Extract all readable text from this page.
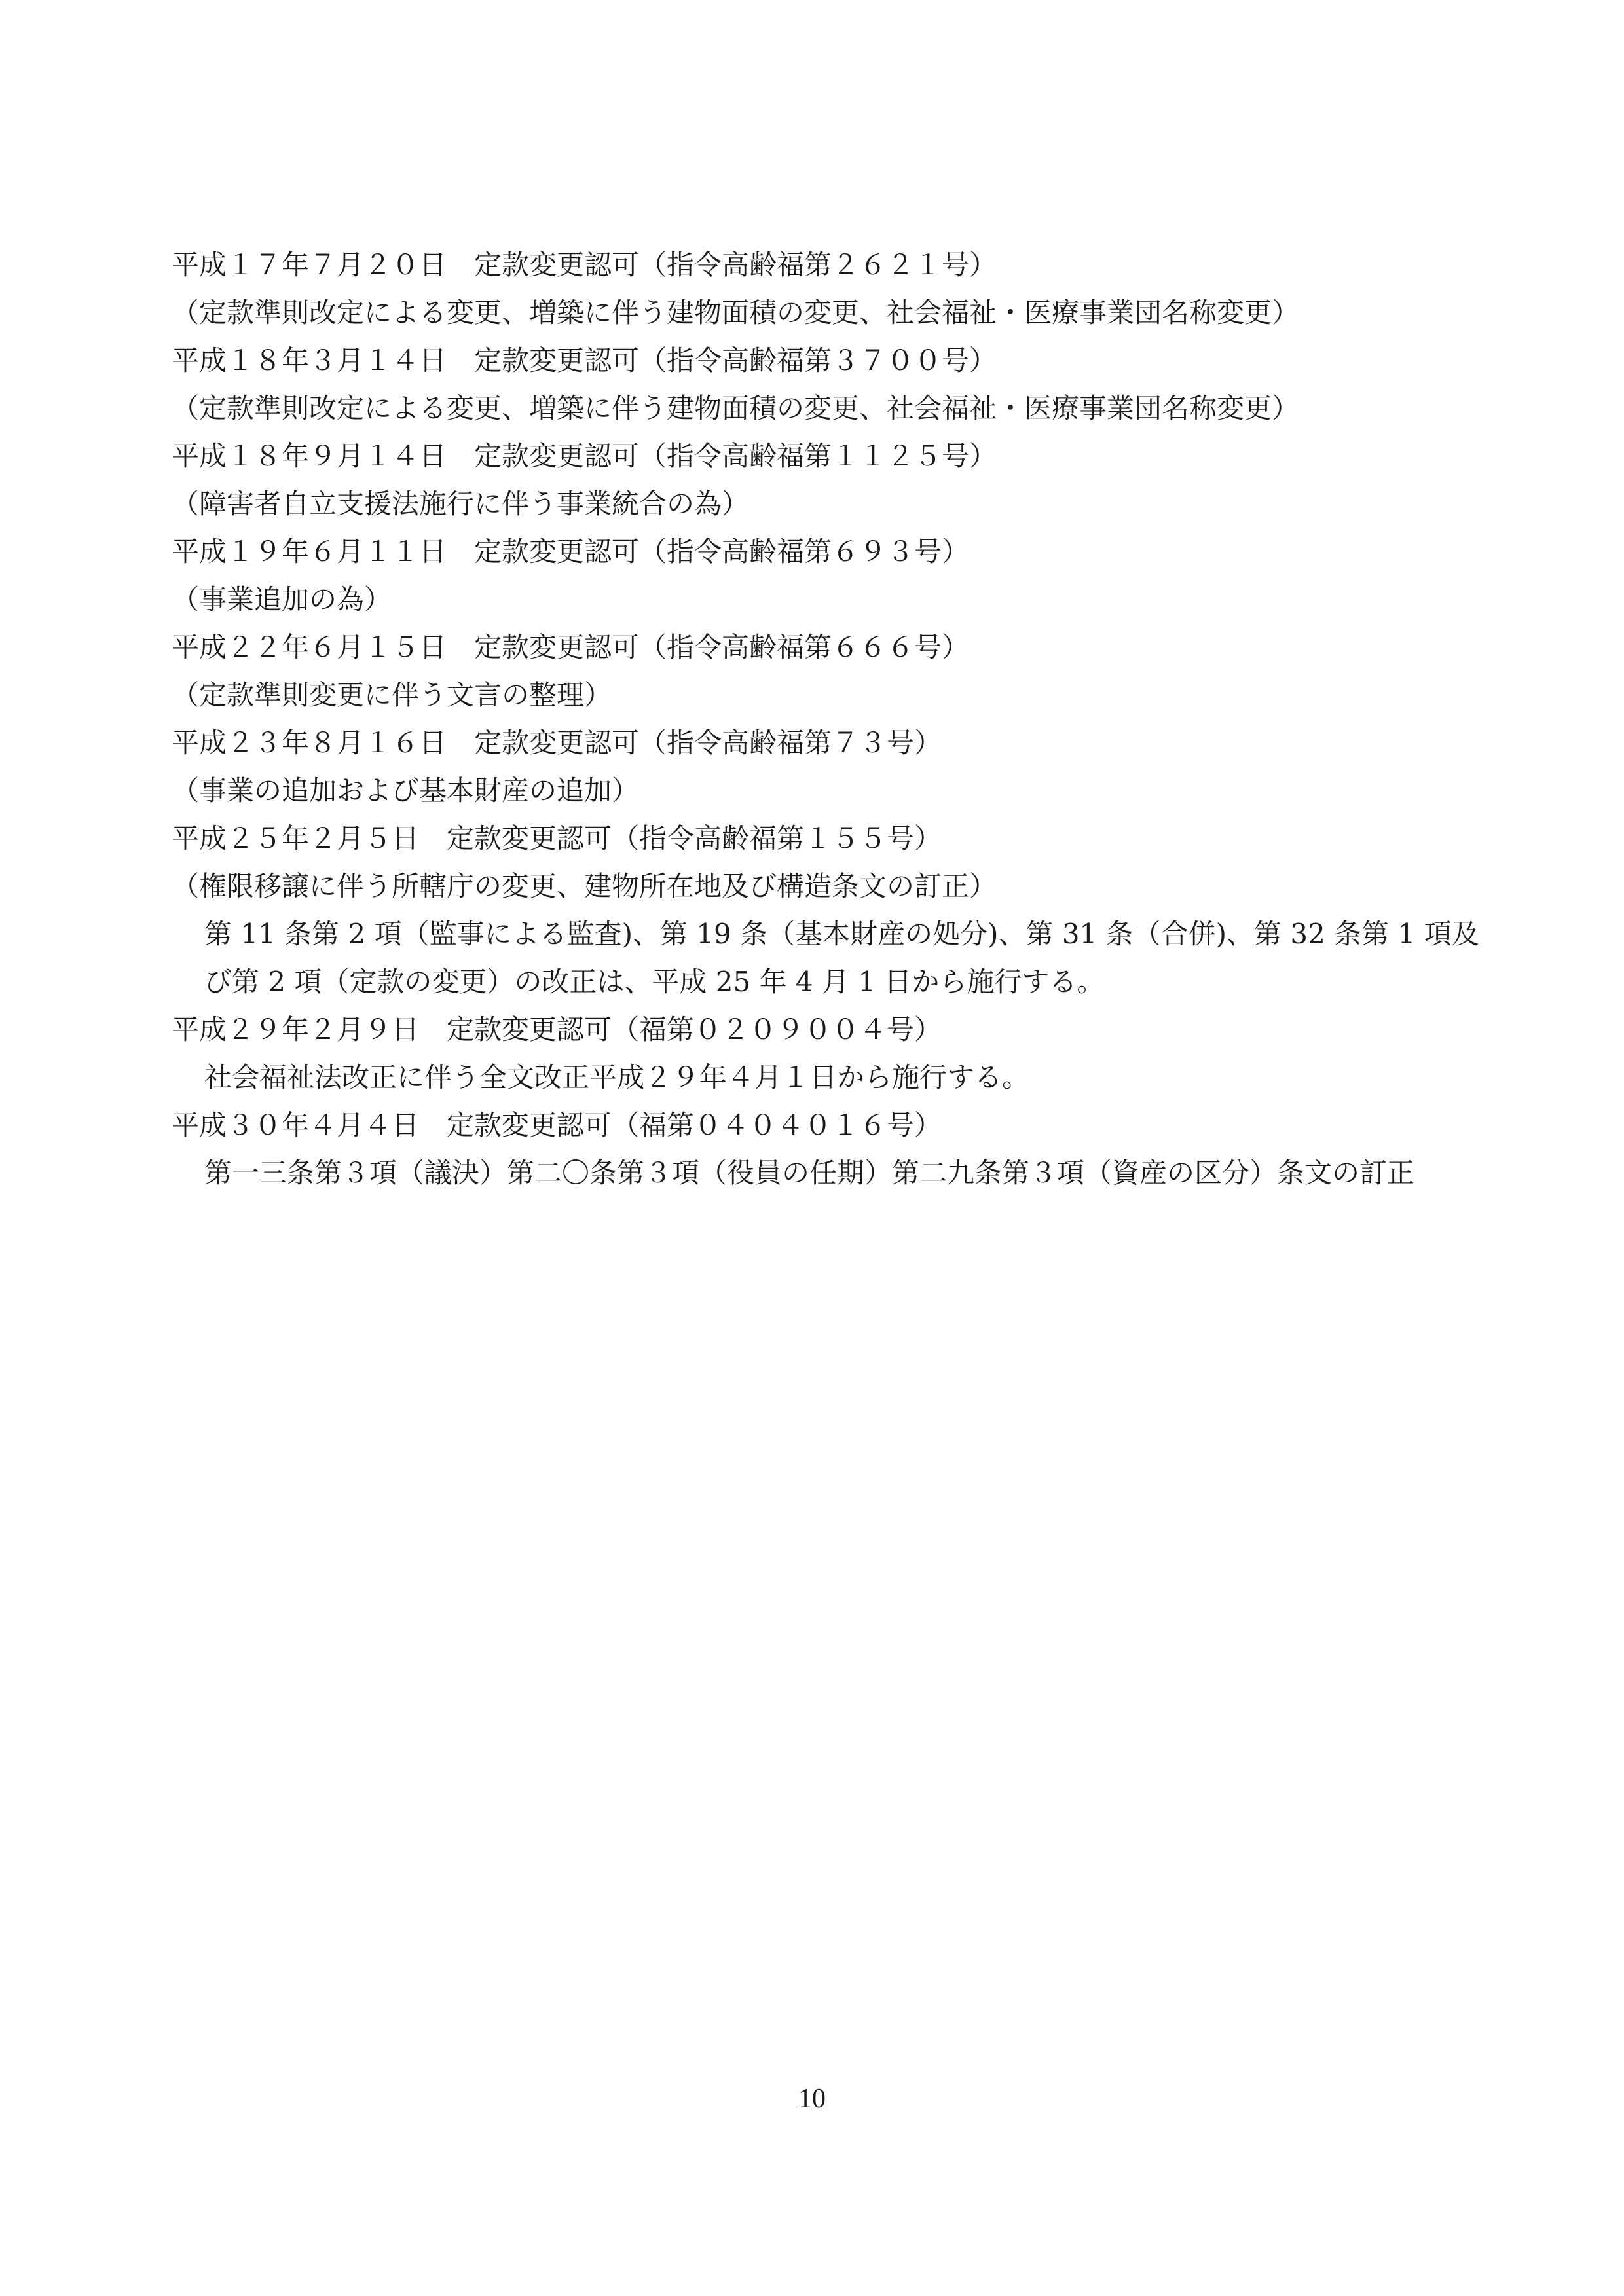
平成１７年７月２０日　定款変更認可（指令高齢福第２６２１号）
（定款準則改定による変更、増築に伴う建物面積の変更、社会福祉・医療事業団名称変更）
平成１８年３月１４日　定款変更認可（指令高齢福第３７００号）
（定款準則改定による変更、増築に伴う建物面積の変更、社会福祉・医療事業団名称変更）
平成１８年９月１４日　定款変更認可（指令高齢福第１１２５号）
（障害者自立支援法施行に伴う事業統合の為）
平成１９年６月１１日　定款変更認可（指令高齢福第６９３号）
（事業追加の為）
平成２２年６月１５日　定款変更認可（指令高齢福第６６６号）
（定款準則変更に伴う文言の整理）
平成２３年８月１６日　定款変更認可（指令高齢福第７３号）
（事業の追加および基本財産の追加）
平成２５年２月５日　定款変更認可（指令高齢福第１５５号）
（権限移譲に伴う所轄庁の変更、建物所在地及び構造条文の訂正）
第 11 条第 2 項（監事による監査)、第 19 条（基本財産の処分)、第 31 条（合併)、第 32 条第 1 項及
び第 2 項（定款の変更）の改正は、平成 25 年 4 月 1 日から施行する。
平成２９年２月９日　定款変更認可（福第０２０９００４号）
社会福祉法改正に伴う全文改正平成２９年４月１日から施行する。
平成３０年４月４日　定款変更認可（福第０４０４０１６号）
第一三条第３項（議決）第二〇条第３項（役員の任期）第二九条第３項（資産の区分）条文の訂正
10
